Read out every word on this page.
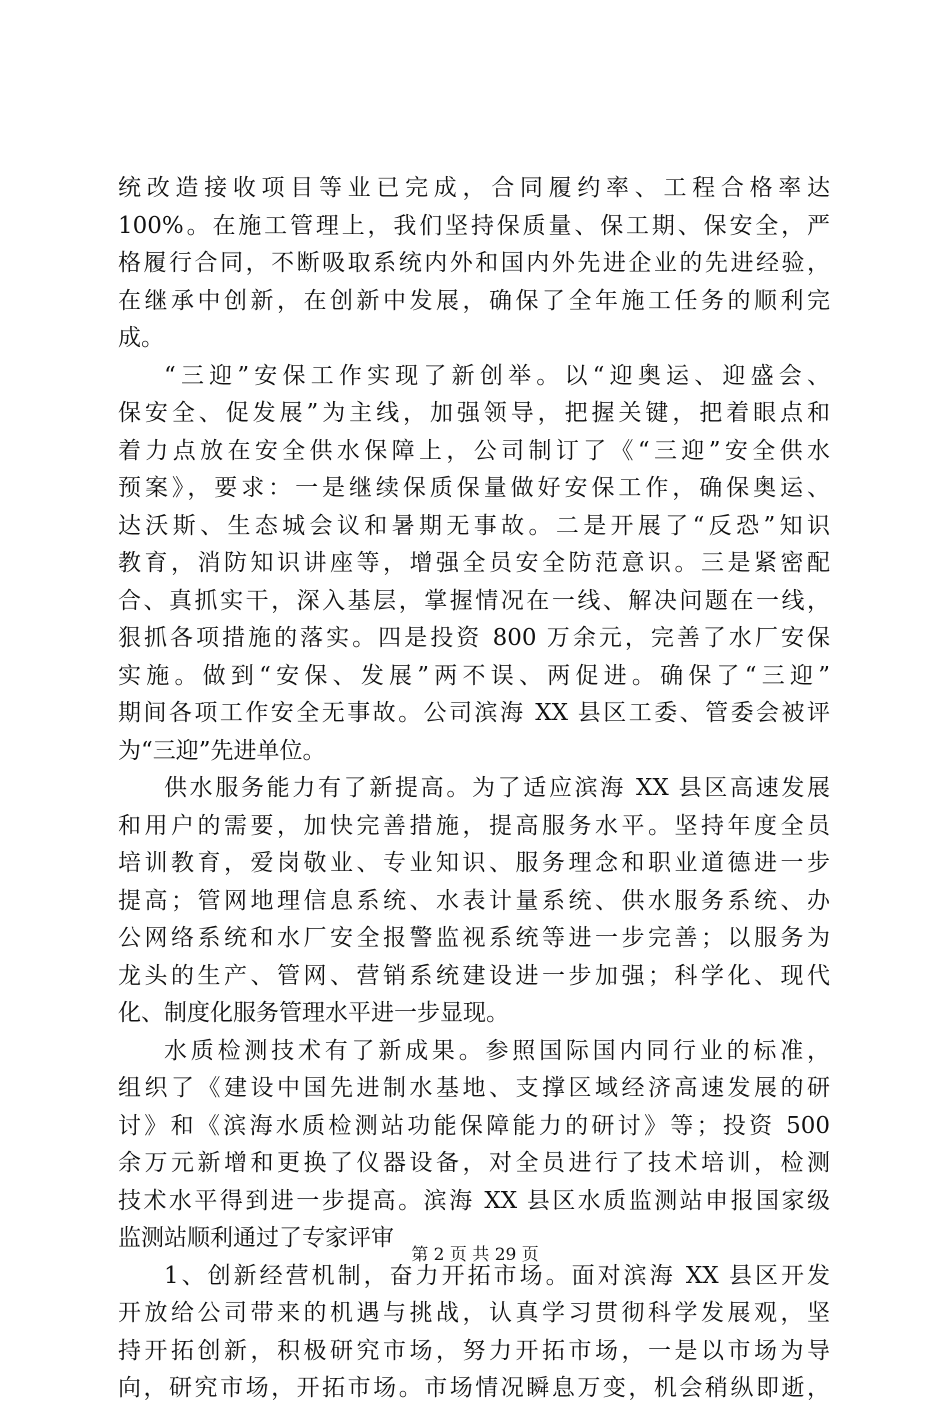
统改造接收项目等业已完成，合同履约率、工程合格率达
100%。在施工管理上，我们坚持保质量、保工期、保安全，严
格履行合同，不断吸取系统内外和国内外先进企业的先进经验，
在继承中创新，在创新中发展，确保了全年施工任务的顺利完
成。
“三迎”安保工作实现了新创举。以“迎奥运、迎盛会、
保安全、促发展”为主线，加强领导，把握关键，把着眼点和
着力点放在安全供水保障上，公司制订了《“三迎”安全供水
预案》，要求：一是继续保质保量做好安保工作，确保奥运、
达沃斯、生态城会议和暑期无事故。二是开展了“反恐”知识
教育，消防知识讲座等，增强全员安全防范意识。三是紧密配
合、真抓实干，深入基层，掌握情况在一线、解决问题在一线，
狠抓各项措施的落实。四是投资 800 万余元，完善了水厂安保
实施。做到“安保、发展”两不误、两促进。确保了“三迎”
期间各项工作安全无事故。公司滨海 XX 县区工委、管委会被评
为“三迎”先进单位。
供水服务能力有了新提高。为了适应滨海 XX 县区高速发展
和用户的需要，加快完善措施，提高服务水平。坚持年度全员
培训教育，爱岗敬业、专业知识、服务理念和职业道德进一步
提高；管网地理信息系统、水表计量系统、供水服务系统、办
公网络系统和水厂安全报警监视系统等进一步完善；以服务为
龙头的生产、管网、营销系统建设进一步加强；科学化、现代
化、制度化服务管理水平进一步显现。
水质检测技术有了新成果。参照国际国内同行业的标准，
组织了《建设中国先进制水基地、支撑区域经济高速发展的研
讨》和《滨海水质检测站功能保障能力的研讨》等；投资 500
余万元新增和更换了仪器设备，对全员进行了技术培训，检测
技术水平得到进一步提高。滨海 XX 县区水质监测站申报国家级
监测站顺利通过了专家评审
1、创新经营机制，奋力开拓市场。面对滨海 XX 县区开发
开放给公司带来的机遇与挑战，认真学习贯彻科学发展观，坚
持开拓创新，积极研究市场，努力开拓市场，一是以市场为导
向，研究市场，开拓市场。市场情况瞬息万变，机会稍纵即逝，
第 2 页 共 29 页
